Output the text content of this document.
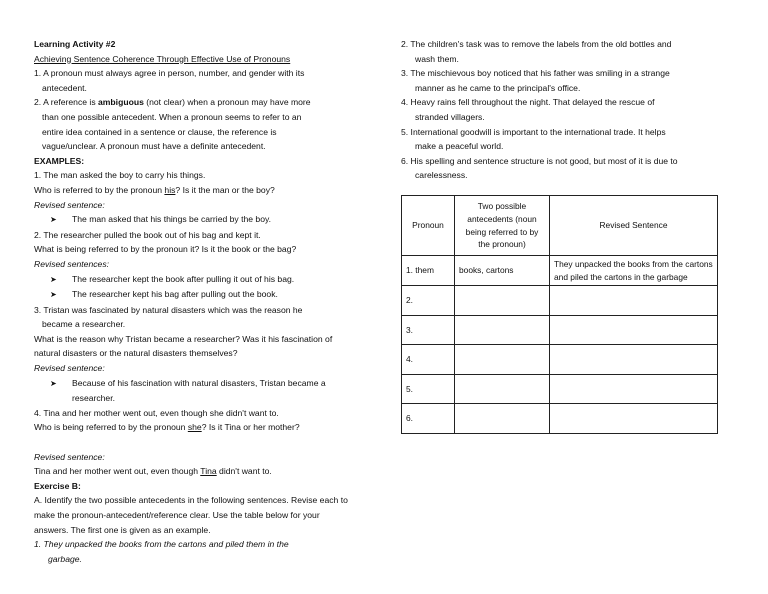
Learning Activity #2
Achieving Sentence Coherence Through Effective Use of Pronouns
1. A pronoun must always agree in person, number, and gender with its
antecedent.
2. A reference is ambiguous (not clear) when a pronoun may have more
than one possible antecedent. When a pronoun seems to refer to an
entire idea contained in a sentence or clause, the reference is
vague/unclear. A pronoun must have a definite antecedent.
EXAMPLES:
1. The man asked the boy to carry his things.
Who is referred to by the pronoun his? Is it the man or the boy?
Revised sentence:
➤ The man asked that his things be carried by the boy.
2. The researcher pulled the book out of his bag and kept it.
What is being referred to by the pronoun it? Is it the book or the bag?
Revised sentences:
➤ The researcher kept the book after pulling it out of his bag.
➤ The researcher kept his bag after pulling out the book.
3. Tristan was fascinated by natural disasters which was the reason he
became a researcher.
What is the reason why Tristan became a researcher? Was it his fascination of
natural disasters or the natural disasters themselves?
Revised sentence:
➤ Because of his fascination with natural disasters, Tristan became a
researcher.
4. Tina and her mother went out, even though she didn't want to.
Who is being referred to by the pronoun she? Is it Tina or her mother?
Revised sentence:
Tina and her mother went out, even though Tina didn't want to.
Exercise B:
A. Identify the two possible antecedents in the following sentences. Revise each to
make the pronoun-antecedent/reference clear. Use the table below for your
answers. The first one is given as an example.
1. They unpacked the books from the cartons and piled them in the
garbage.
2. The children's task was to remove the labels from the old bottles and
wash them.
3. The mischievous boy noticed that his father was smiling in a strange
manner as he came to the principal's office.
4. Heavy rains fell throughout the night. That delayed the rescue of
stranded villagers.
5. International goodwill is important to the international trade. It helps
make a peaceful world.
6. His spelling and sentence structure is not good, but most of it is due to
carelessness.
Pronoun	Two possible antecedents (noun being referred to by the pronoun)	Revised Sentence
1. them	books, cartons	They unpacked the books from the cartons and piled the cartons in the garbage
2.		
3.		
4.		
5.		
6.		
